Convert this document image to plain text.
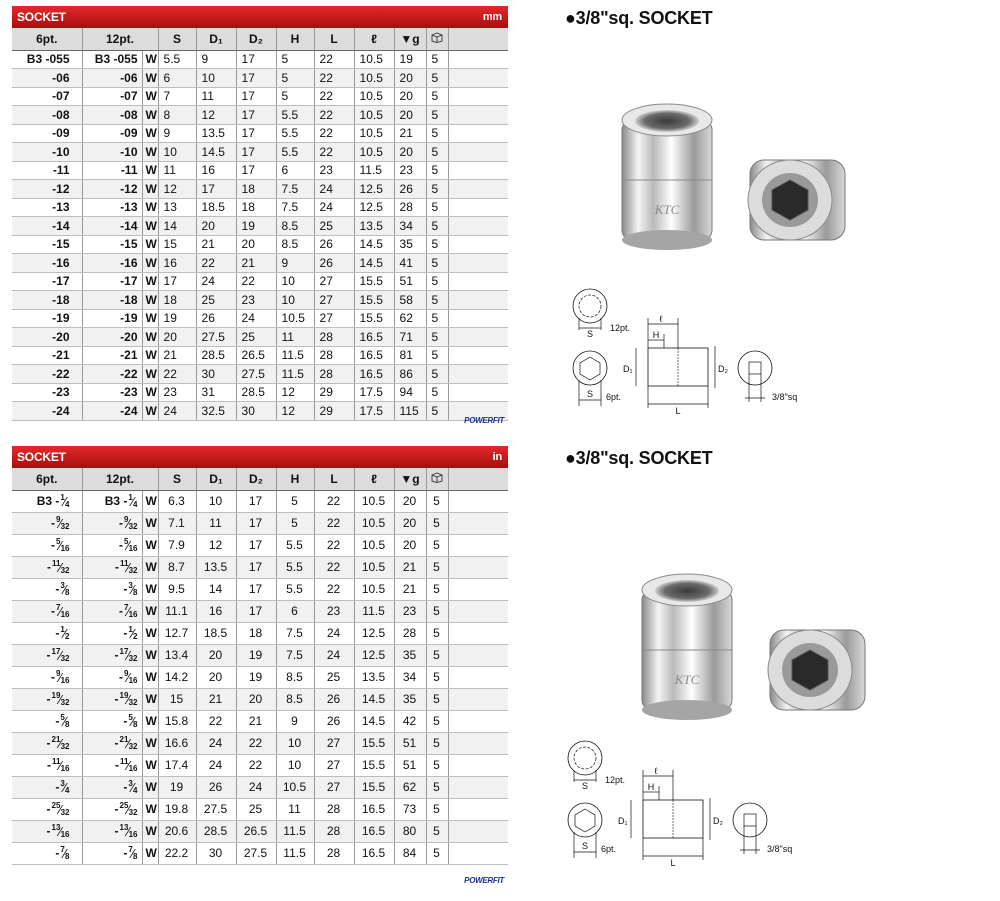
SOCKET	mm
6pt.	12pt.		S	D₁	D₂	H	L	ℓ	▼g		
B3 -055	B3 -055	W	5.5	9	17	5	22	10.5	19	5	
-06	-06	W	6	10	17	5	22	10.5	20	5	
-07	-07	W	7	11	17	5	22	10.5	20	5	
-08	-08	W	8	12	17	5.5	22	10.5	20	5	
-09	-09	W	9	13.5	17	5.5	22	10.5	21	5	
-10	-10	W	10	14.5	17	5.5	22	10.5	20	5	
-11	-11	W	11	16	17	6	23	11.5	23	5	
-12	-12	W	12	17	18	7.5	24	12.5	26	5	
-13	-13	W	13	18.5	18	7.5	24	12.5	28	5	
-14	-14	W	14	20	19	8.5	25	13.5	34	5	
-15	-15	W	15	21	20	8.5	26	14.5	35	5	
-16	-16	W	16	22	21	9	26	14.5	41	5	
-17	-17	W	17	24	22	10	27	15.5	51	5	
-18	-18	W	18	25	23	10	27	15.5	58	5	
-19	-19	W	19	26	24	10.5	27	15.5	62	5	
-20	-20	W	20	27.5	25	11	28	16.5	71	5	
-21	-21	W	21	28.5	26.5	11.5	28	16.5	81	5	
-22	-22	W	22	30	27.5	11.5	28	16.5	86	5	
-23	-23	W	23	31	28.5	12	29	17.5	94	5	
-24	-24	W	24	32.5	30	12	29	17.5	115	5	
POWERFIT
SOCKET	in
6pt.	12pt.		S	D₁	D₂	H	L	ℓ	▼g		

B3 - 1 ⁄ 4	B3 - 1 ⁄ 4	W	6.3	10	17	5	22	10.5	20	5	

- 9 ⁄ 32	- 9 ⁄ 32	W	7.1	11	17	5	22	10.5	20	5	

- 5 ⁄ 16	- 5 ⁄ 16	W	7.9	12	17	5.5	22	10.5	20	5	

- 11 ⁄ 32	- 11 ⁄ 32	W	8.7	13.5	17	5.5	22	10.5	21	5	

- 3 ⁄ 8	- 3 ⁄ 8	W	9.5	14	17	5.5	22	10.5	21	5	

- 7 ⁄ 16	- 7 ⁄ 16	W	11.1	16	17	6	23	11.5	23	5	

- 1 ⁄ 2	- 1 ⁄ 2	W	12.7	18.5	18	7.5	24	12.5	28	5	

- 17 ⁄ 32	- 17 ⁄ 32	W	13.4	20	19	7.5	24	12.5	35	5	

- 9 ⁄ 16	- 9 ⁄ 16	W	14.2	20	19	8.5	25	13.5	34	5	

- 19 ⁄ 32	- 19 ⁄ 32	W	15	21	20	8.5	26	14.5	35	5	

- 5 ⁄ 8	- 5 ⁄ 8	W	15.8	22	21	9	26	14.5	42	5	

- 21 ⁄ 32	- 21 ⁄ 32	W	16.6	24	22	10	27	15.5	51	5	

- 11 ⁄ 16	- 11 ⁄ 16	W	17.4	24	22	10	27	15.5	51	5	

- 3 ⁄ 4	- 3 ⁄ 4	W	19	26	24	10.5	27	15.5	62	5	

- 25 ⁄ 32	- 25 ⁄ 32	W	19.8	27.5	25	11	28	16.5	73	5	

- 13 ⁄ 16	- 13 ⁄ 16	W	20.6	28.5	26.5	11.5	28	16.5	80	5	

- 7 ⁄ 8	- 7 ⁄ 8	W	22.2	30	27.5	11.5	28	16.5	84	5	
POWERFIT
●3/8"sq. SOCKET
●3/8"sq. SOCKET
KTC
KTC
S
12pt.
S 6pt.
ℓ
H
D₁	D₂
L
3/8"sq
S
12pt.
S 6pt.
ℓ
H
D₁	D₂
L
3/8"sq
